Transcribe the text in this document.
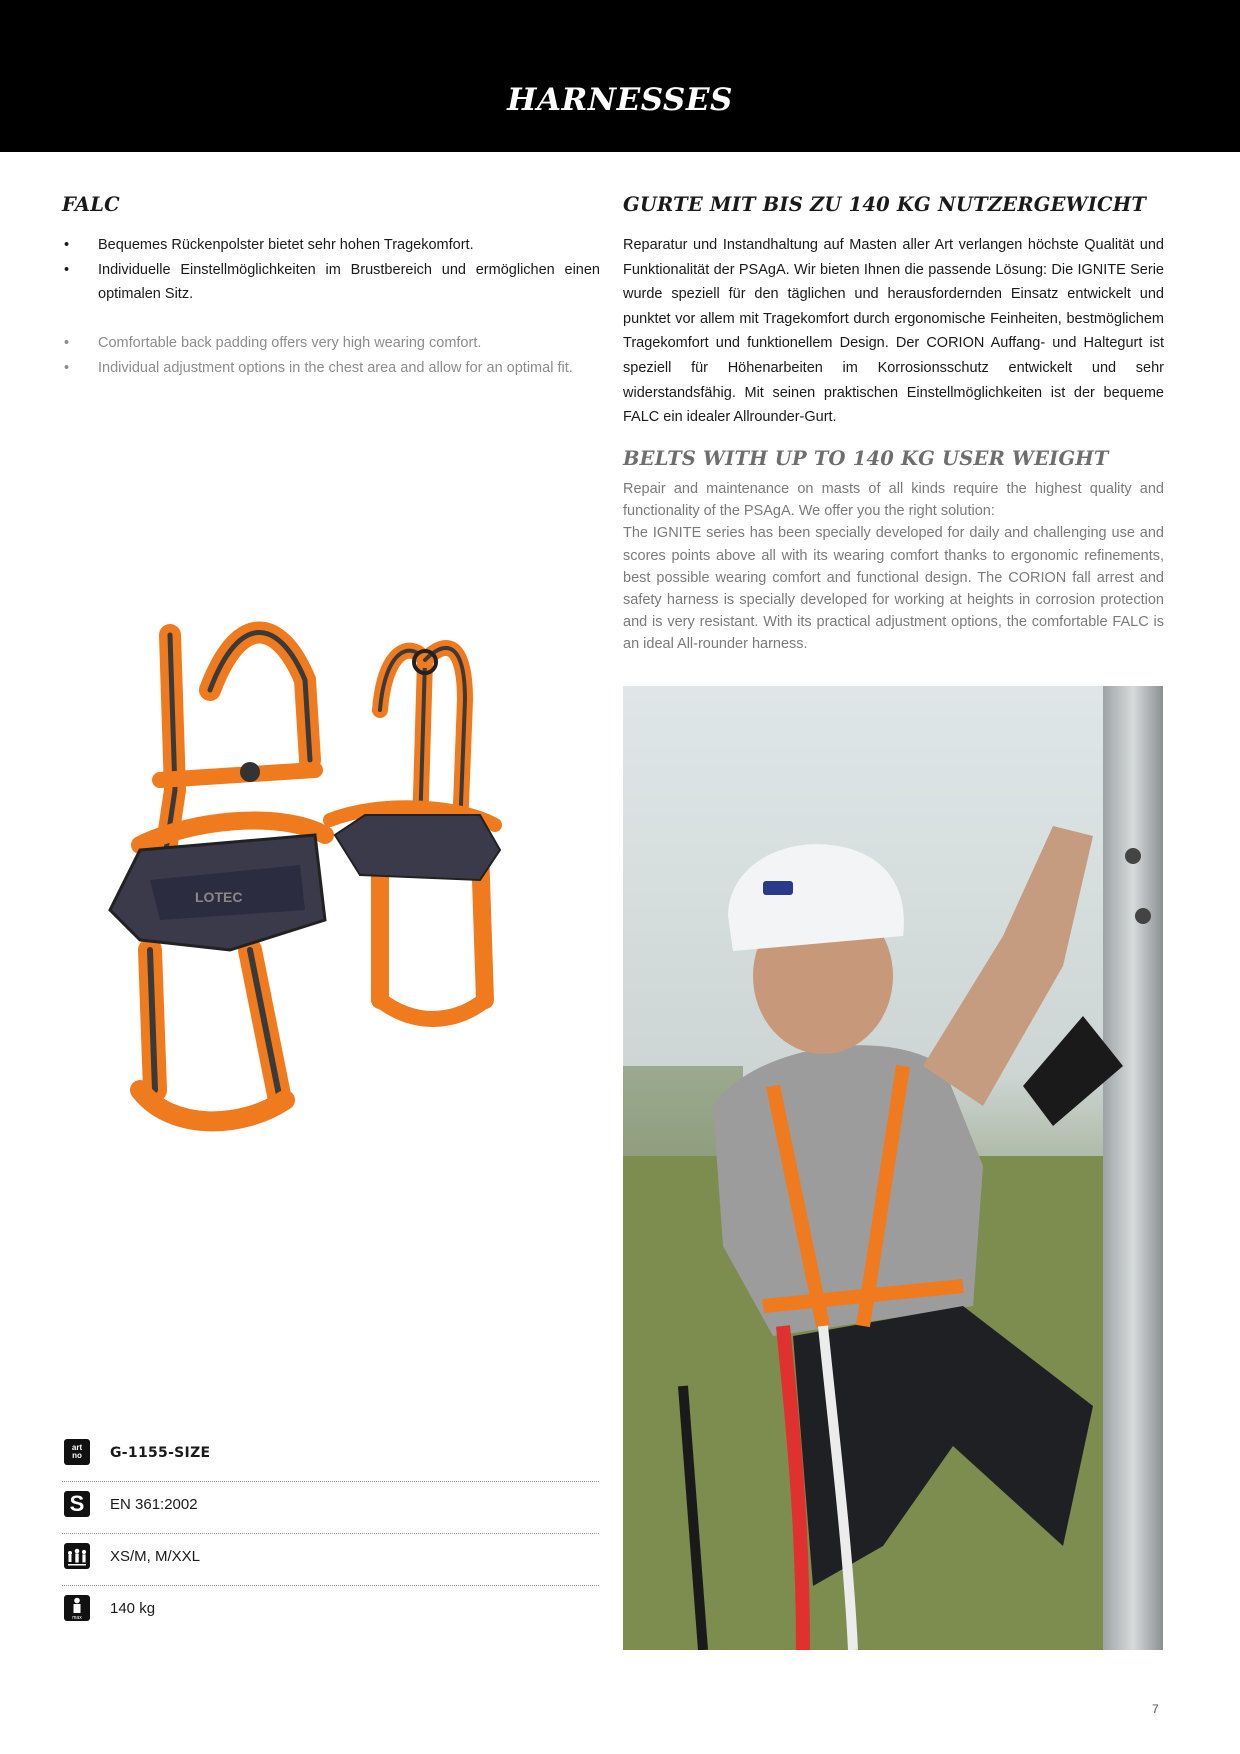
HARNESSES
FALC
• Bequemes Rückenpolster bietet sehr hohen Tragekomfort.
• Individuelle Einstellmöglichkeiten im Brustbereich und ermöglichen einen optimalen Sitz.
• Comfortable back padding offers very high wearing comfort.
• Individual adjustment options in the chest area and allow for an optimal fit.
LOTEC
GURTE MIT BIS ZU 140 KG NUTZERGEWICHT

Reparatur und Instandhaltung auf Masten aller Art verlangen höchste Qualität und Funktionalität der PSAgA. Wir bieten Ihnen die passende Lösung: Die IGNITE Serie wurde speziell für den täglichen und herausfordernden Einsatz entwickelt und punktet vor allem mit Tragekomfort durch ergonomische Feinheiten, bestmöglichem Tragekomfort und funktionellem Design. Der CORION Auffang- und Haltegurt ist speziell für Höhenarbeiten im Korrosionsschutz entwickelt und sehr widerstandsfähig. Mit seinen praktischen Einstellmöglichkeiten ist der bequeme FALC ein idealer Allrounder-Gurt.

BELTS WITH UP TO 140 KG USER WEIGHT

Repair and maintenance on masts of all kinds require the highest quality and functionality of the PSAgA. We offer you the right solution:

The IGNITE series has been specially developed for daily and challenging use and scores points above all with its wearing comfort thanks to ergonomic refinements, best possible wearing comfort and functional design. The CORION fall arrest and safety harness is specially developed for working at heights in corrosion protection and is very resistant. With its practical adjustment options, the comfortable FALC is an ideal All-rounder harness.

art
no G-1155-SIZE
S EN 361:2002
XS/M, M/XXL
max
140 kg
7
